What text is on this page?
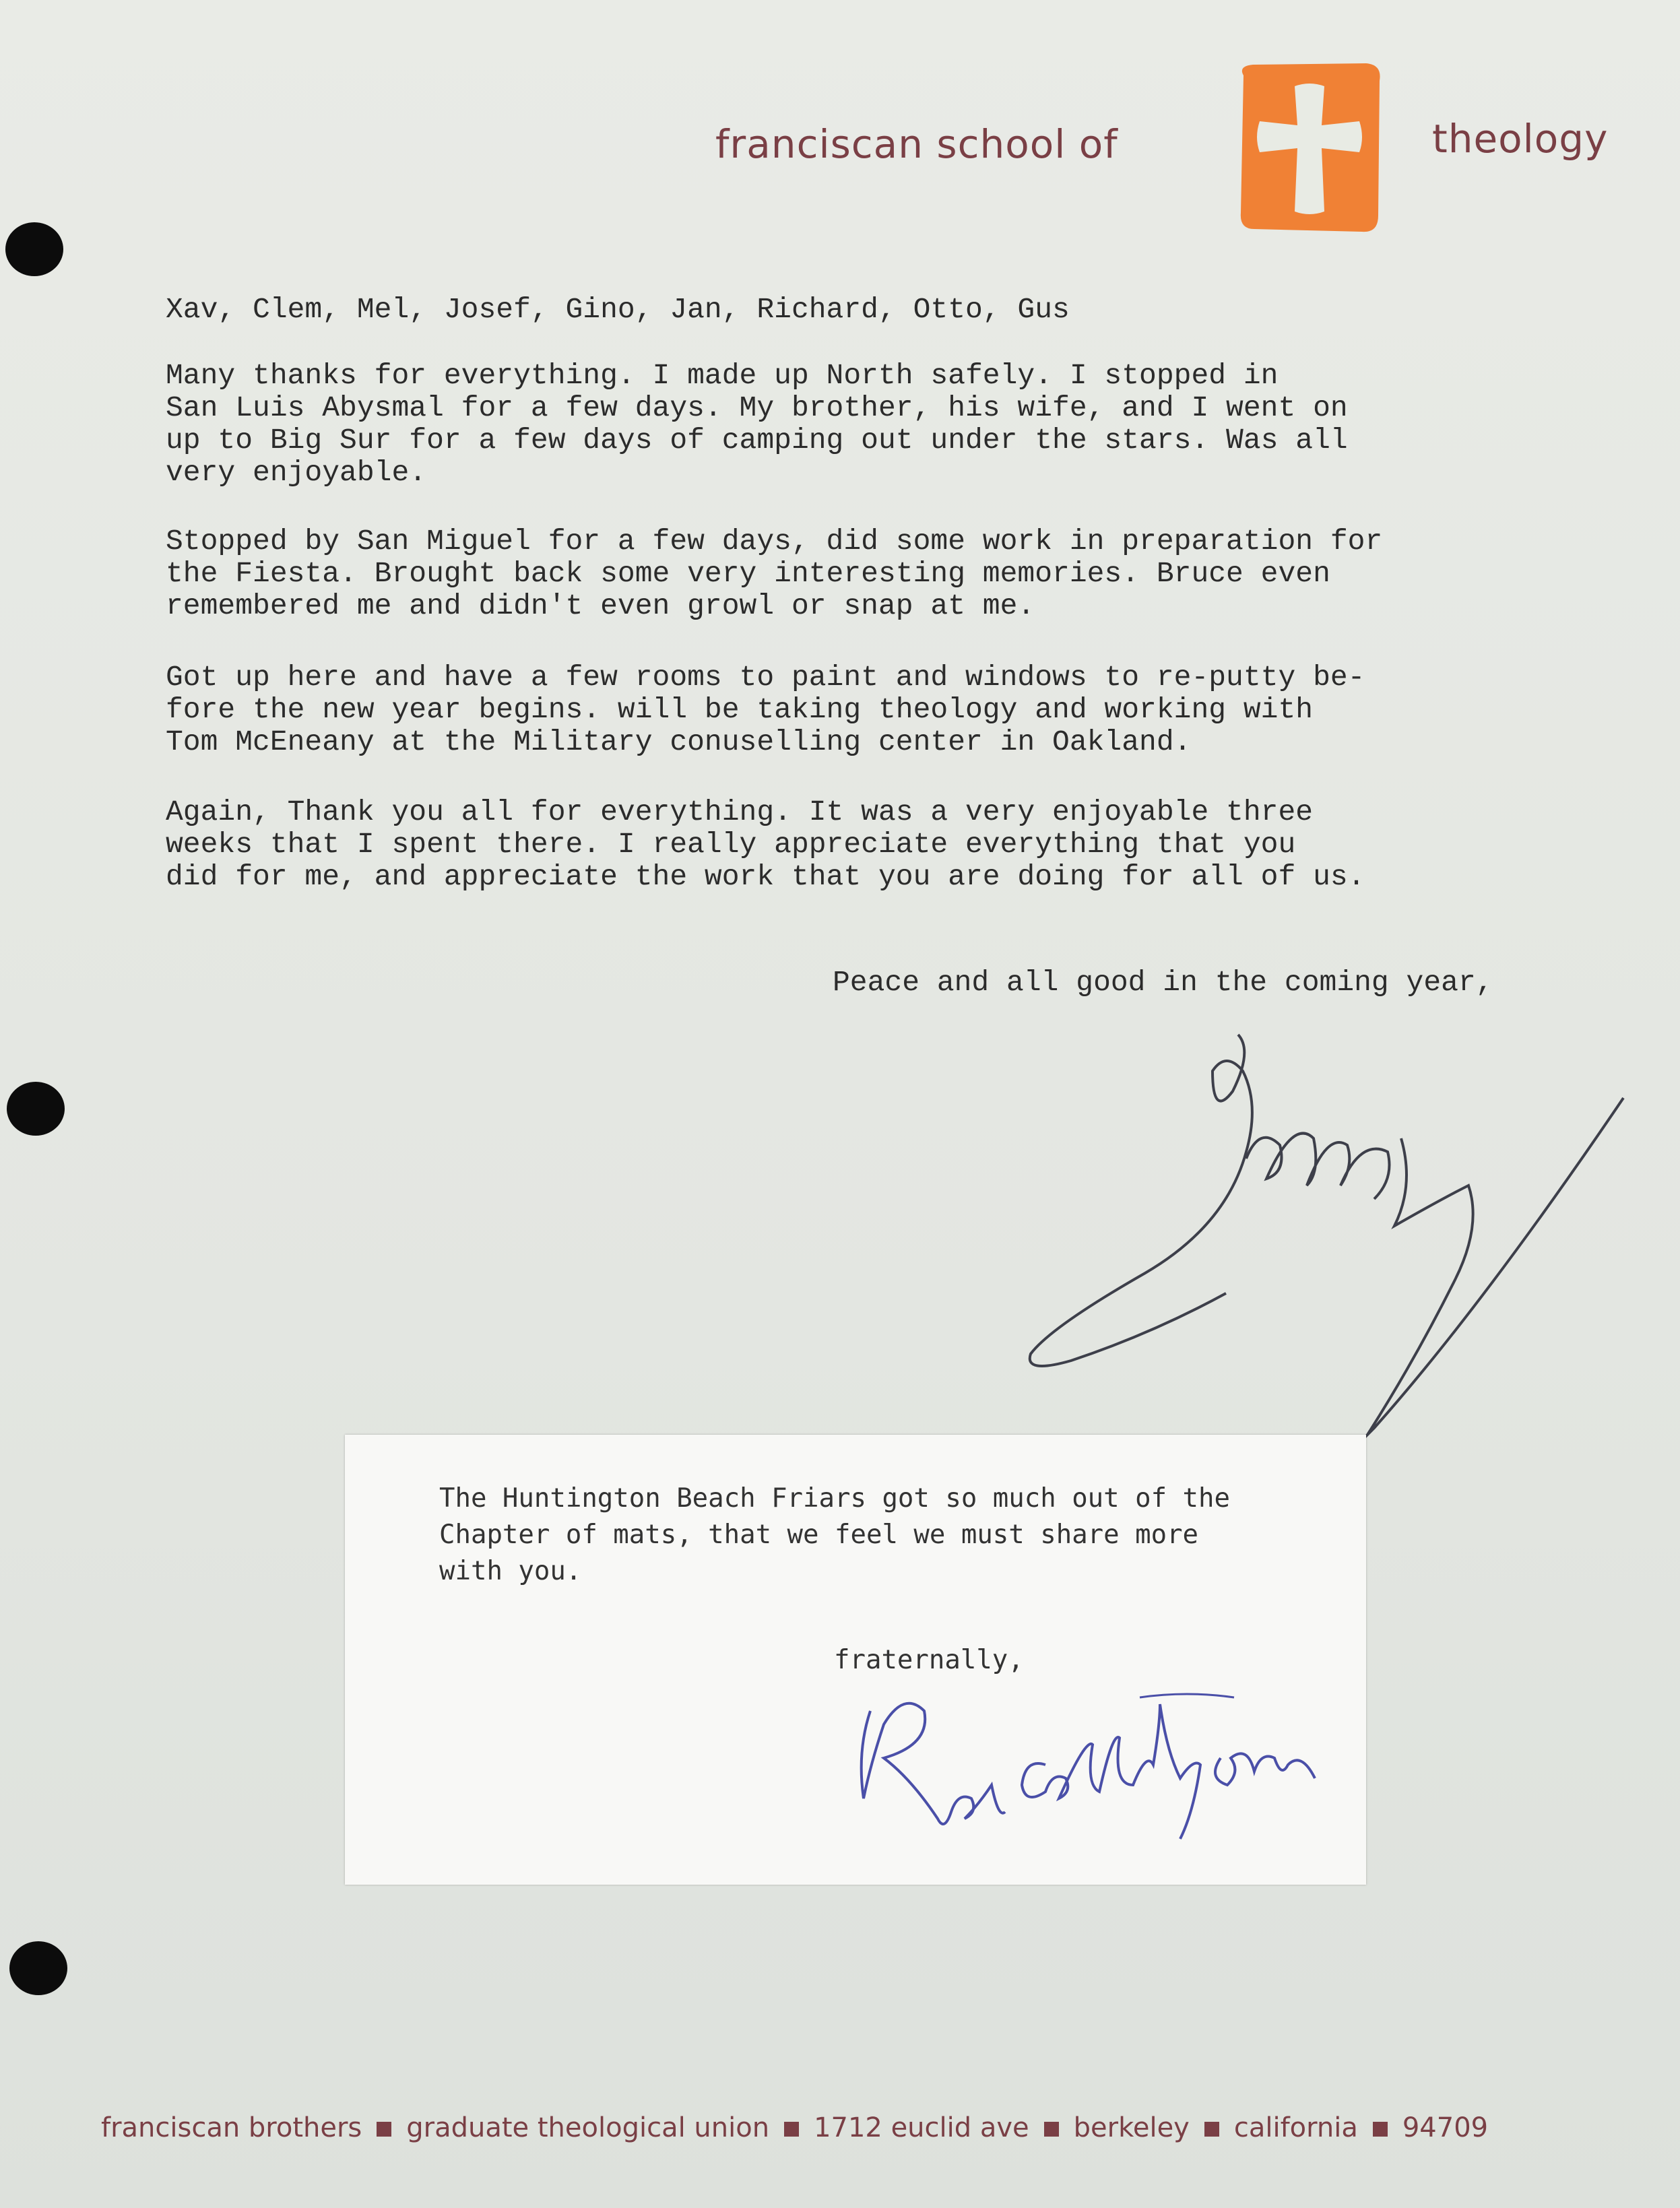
franciscan school of	theology
Xav, Clem, Mel, Josef, Gino, Jan, Richard, Otto, Gus
Many thanks for everything. I made up North safely. I stopped in
San Luis Abysmal for a few days. My brother, his wife, and I went on
up to Big Sur for a few days of camping out under the stars. Was all
very enjoyable.
Stopped by San Miguel for a few days, did some work in preparation for
the Fiesta. Brought back some very interesting memories. Bruce even
remembered me and didn't even growl or snap at me.
Got up here and have a few rooms to paint and windows to re-putty be-
fore the new year begins. will be taking theology and working with
Tom McEneany at the Military conuselling center in Oakland.
Again, Thank you all for everything. It was a very enjoyable three
weeks that I spent there. I really appreciate everything that you
did for me, and appreciate the work that you are doing for all of us.
Peace and all good in the coming year,
The Huntington Beach Friars got so much out of the
Chapter of mats, that we feel we must share more
with you.
fraternally,
franciscan brothers graduate theological union 1712 euclid ave berkeley california 94709
